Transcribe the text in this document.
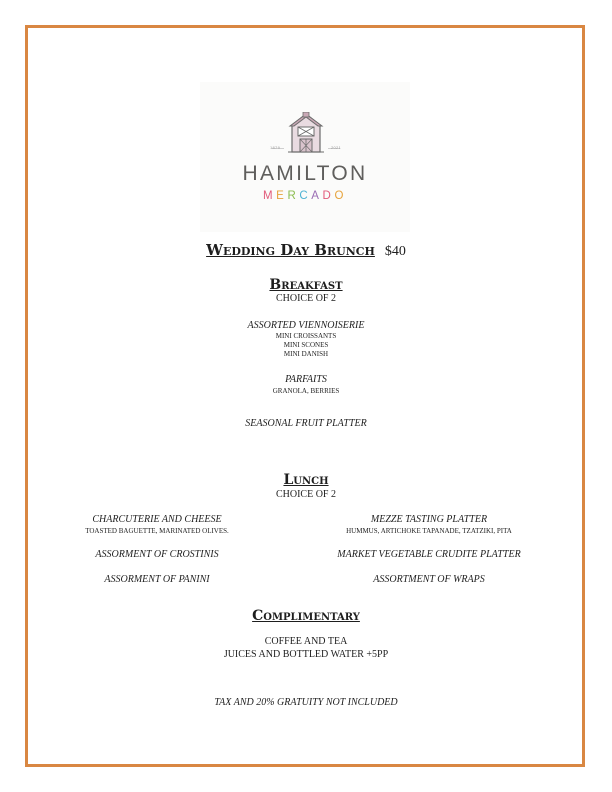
1879	2021
HAMILTON
MERCADO
Wedding Day Brunch $40
Breakfast
CHOICE OF 2
ASSORTED VIENNOISERIE
MINI CROISSANTS
MINI SCONES
MINI DANISH
PARFAITS
GRANOLA, BERRIES
SEASONAL FRUIT PLATTER
Lunch
CHOICE OF 2
CHARCUTERIE AND CHEESE
TOASTED BAGUETTE, MARINATED OLIVES.
ASSORMENT OF CROSTINIS
ASSORMENT OF PANINI
MEZZE TASTING PLATTER
HUMMUS, ARTICHOKE TAPANADE, TZATZIKI, PITA
MARKET VEGETABLE CRUDITE PLATTER
ASSORTMENT OF WRAPS
Complimentary
COFFEE AND TEA
JUICES AND BOTTLED WATER +5PP
TAX AND 20% GRATUITY NOT INCLUDED
